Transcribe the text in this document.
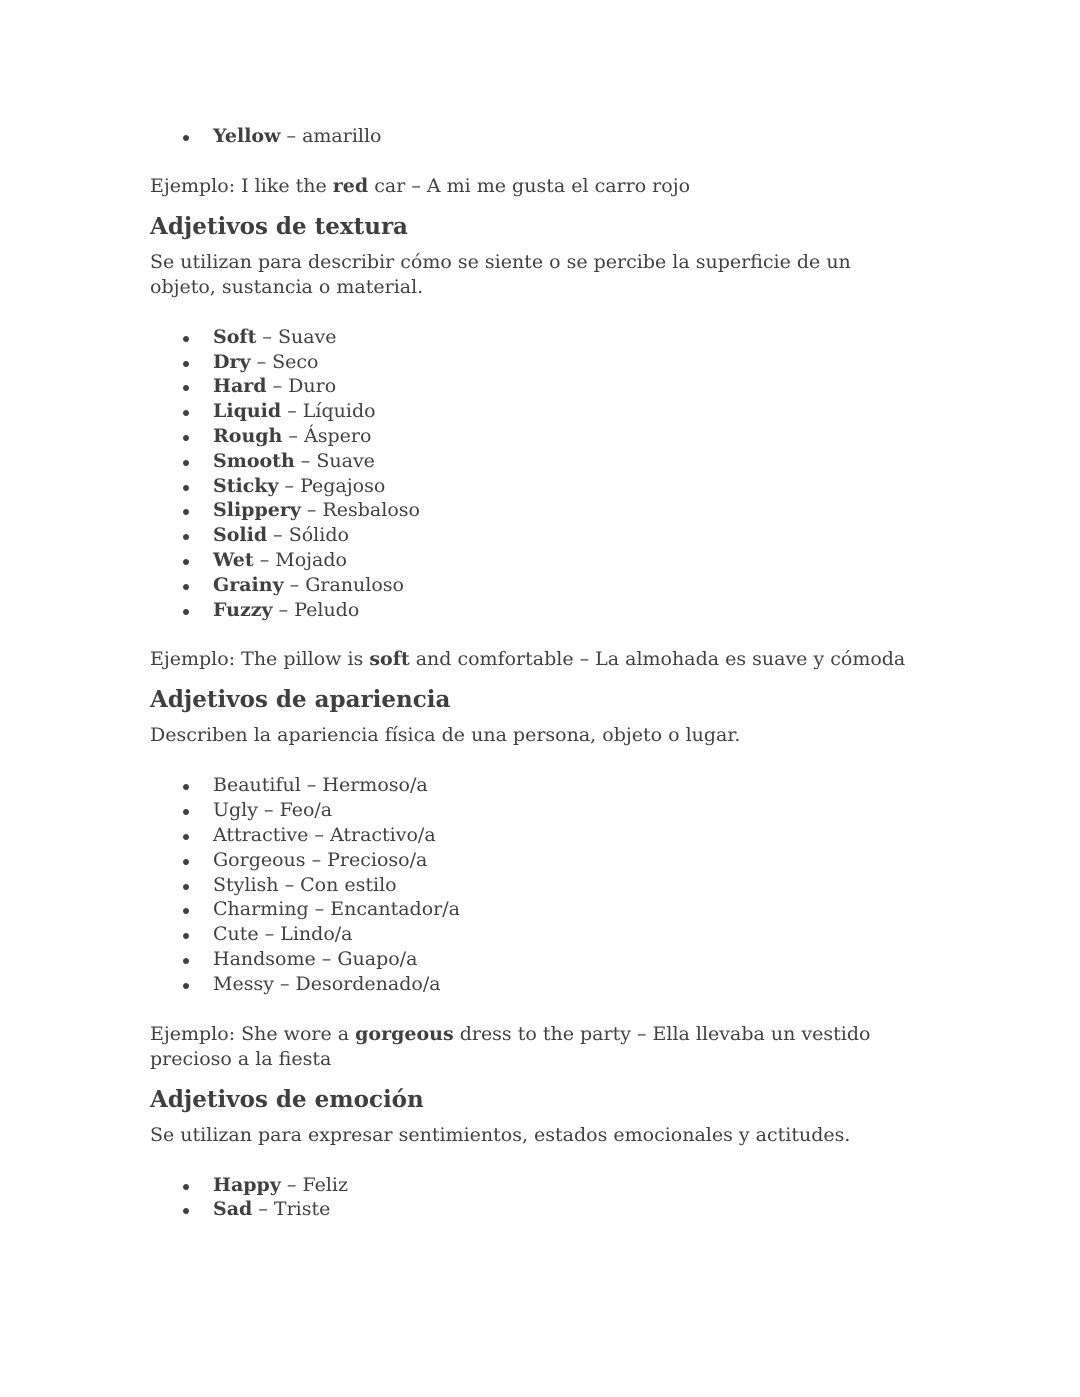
Yellow – amarillo

Ejemplo: I like the red car – A mi me gusta el carro rojo

Adjetivos de textura

Se utilizan para describir cómo se siente o se percibe la superficie de un objeto, sustancia o material.

Soft – Suave
Dry – Seco
Hard – Duro
Liquid – Líquido
Rough – Áspero
Smooth – Suave
Sticky – Pegajoso
Slippery – Resbaloso
Solid – Sólido
Wet – Mojado
Grainy – Granuloso
Fuzzy – Peludo

Ejemplo: The pillow is soft and comfortable – La almohada es suave y cómoda

Adjetivos de apariencia

Describen la apariencia física de una persona, objeto o lugar.

Beautiful – Hermoso/a
Ugly – Feo/a
Attractive – Atractivo/a
Gorgeous – Precioso/a
Stylish – Con estilo
Charming – Encantador/a
Cute – Lindo/a
Handsome – Guapo/a
Messy – Desordenado/a

Ejemplo: She wore a gorgeous dress to the party – Ella llevaba un vestido precioso a la fiesta

Adjetivos de emoción

Se utilizan para expresar sentimientos, estados emocionales y actitudes.

Happy – Feliz
Sad – Triste
